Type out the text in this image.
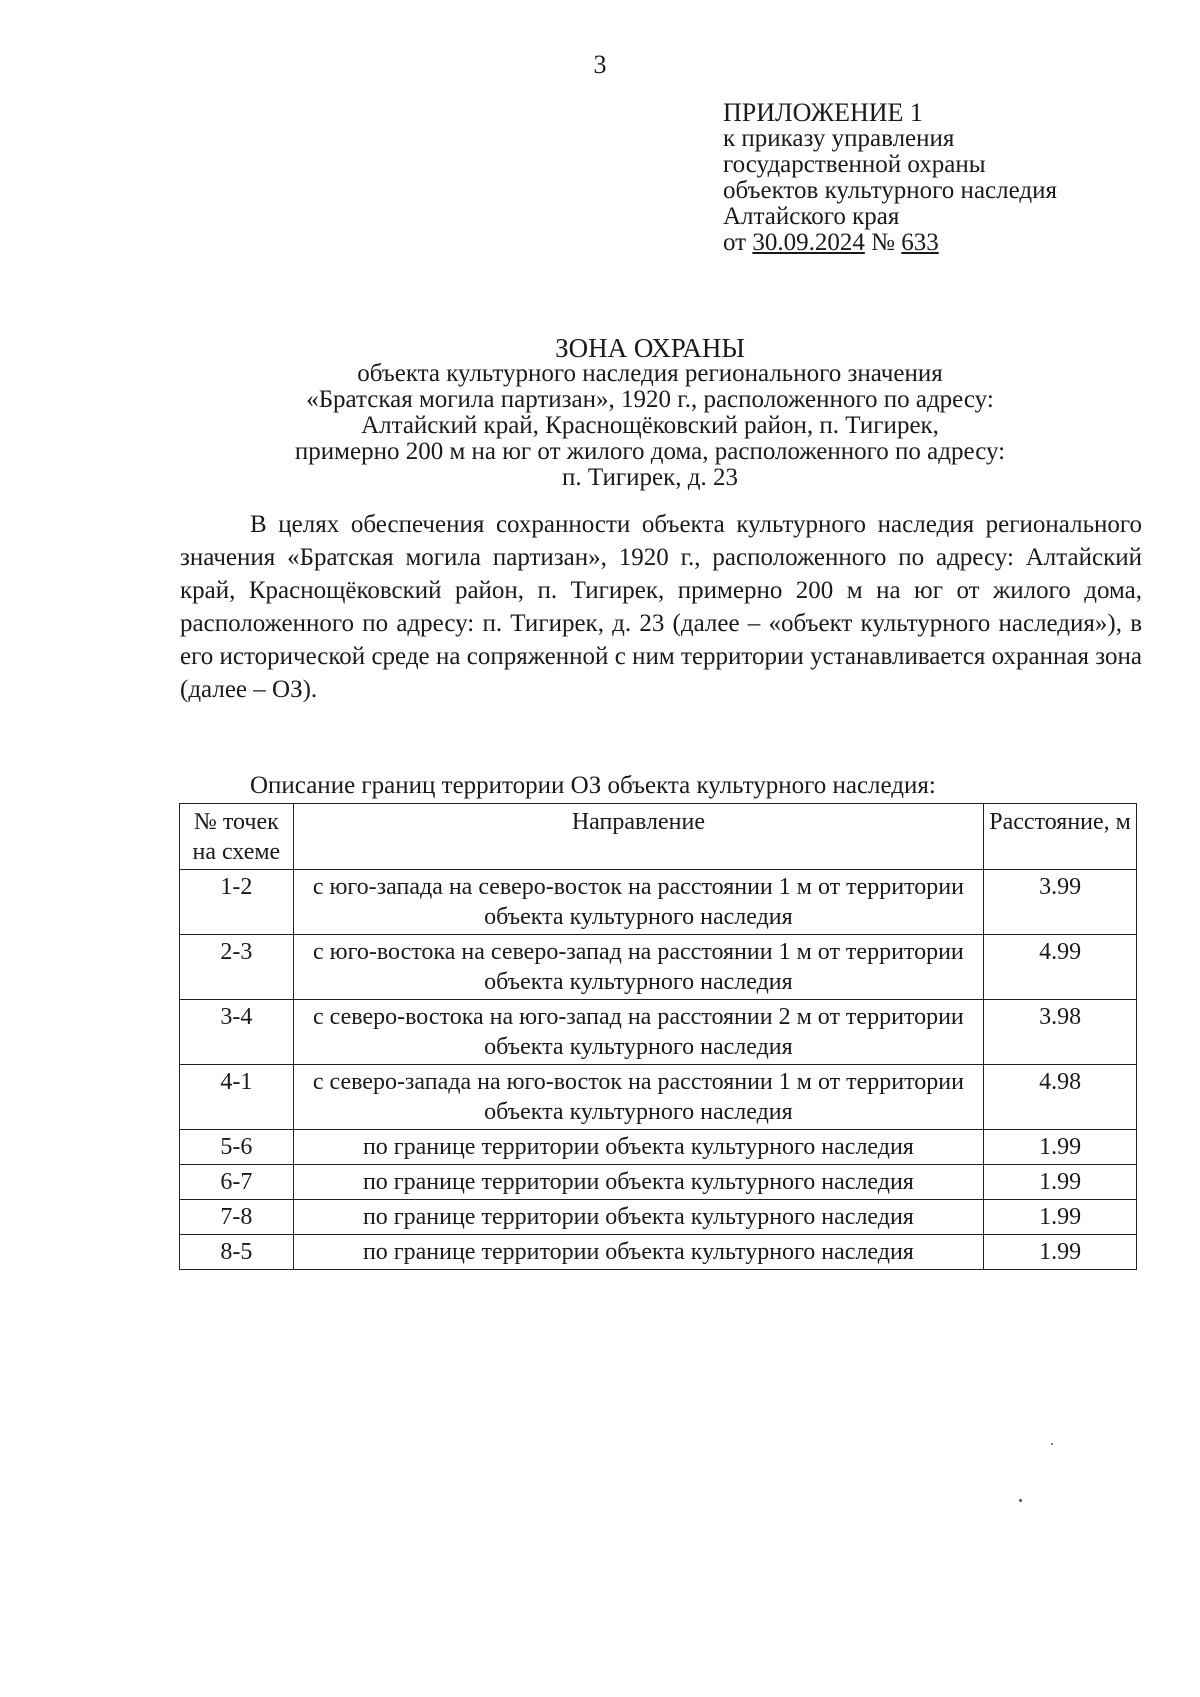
3
ПРИЛОЖЕНИЕ 1
к приказу управления
государственной охраны
объектов культурного наследия
Алтайского края
от 30.09.2024 № 633
ЗОНА ОХРАНЫ
объекта культурного наследия регионального значения
«Братская могила партизан», 1920 г., расположенного по адресу:
Алтайский край, Краснощёковский район, п. Тигирек,
примерно 200 м на юг от жилого дома, расположенного по адресу:
п. Тигирек, д. 23

В целях обеспечения сохранности объекта культурного наследия регионального значения «Братская могила партизан», 1920 г., расположенного по адресу: Алтайский край, Краснощёковский район, п. Тигирек, примерно 200 м на юг от жилого дома, расположенного по адресу: п. Тигирек, д. 23 (далее – «объект культурного наследия»), в его исторической среде на сопряженной с ним территории устанавливается охранная зона (далее – ОЗ).

Описание границ территории ОЗ объекта культурного наследия:
№ точек на схеме	Направление	Расстояние, м
1-2	с юго-запада на северо-восток на расстоянии 1 м от территории объекта культурного наследия	3.99
2-3	с юго-востока на северо-запад на расстоянии 1 м от территории объекта культурного наследия	4.99
3-4	с северо-востока на юго-запад на расстоянии 2 м от территории объекта культурного наследия	3.98
4-1	с северо-запада на юго-восток на расстоянии 1 м от территории объекта культурного наследия	4.98
5-6	по границе территории объекта культурного наследия	1.99
6-7	по границе территории объекта культурного наследия	1.99
7-8	по границе территории объекта культурного наследия	1.99
8-5	по границе территории объекта культурного наследия	1.99
